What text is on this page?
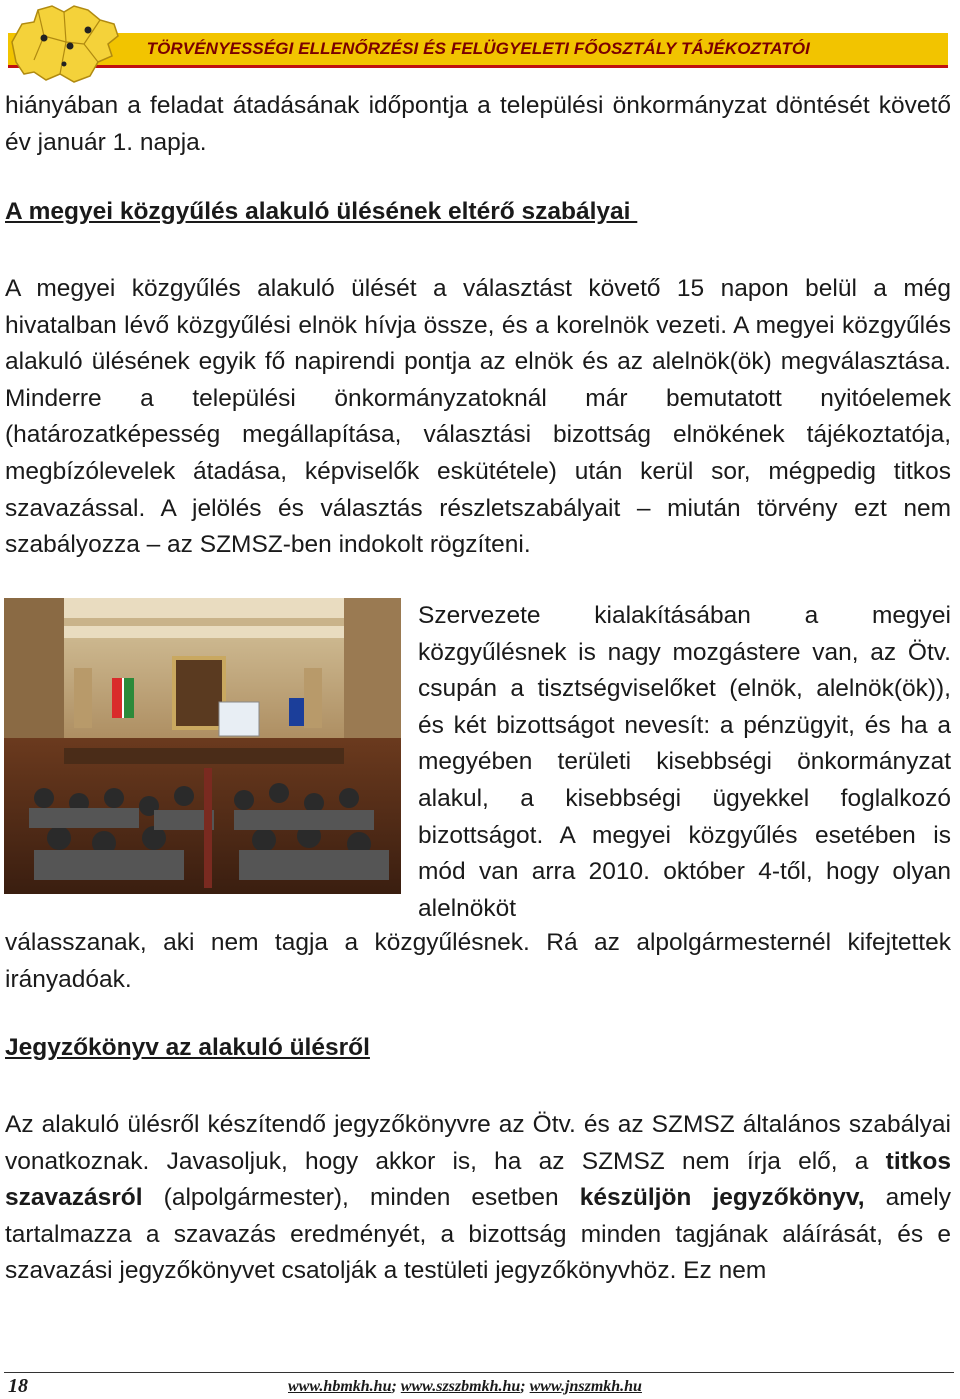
TÖRVÉNYESSÉGI ELLENŐRZÉSI ÉS FELÜGYELETI FŐOSZTÁLY TÁJÉKOZTATÓI

hiányában a feladat átadásának időpontja a települési önkormányzat döntését követő év január 1. napja.

A megyei közgyűlés alakuló ülésének eltérő szabályai

A megyei közgyűlés alakuló ülését a választást követő 15 napon belül a még hivatalban lévő közgyűlési elnök hívja össze, és a korelnök vezeti. A megyei közgyűlés alakuló ülésének egyik fő napirendi pontja az elnök és az alelnök(ök) megválasztása. Minderre a települési önkormányzatoknál már bemutatott nyitóelemek (határozatképesség megállapítása, választási bizottság elnökének tájékoztatója, megbízólevelek átadása, képviselők eskütétele) után kerül sor, mégpedig titkos szavazással. A jelölés és választás részletszabályait – miután törvény ezt nem szabályozza – az SZMSZ-ben indokolt rögzíteni.

Szervezete kialakításában a megyei közgyűlésnek is nagy mozgástere van, az Ötv. csupán a tisztségviselőket (elnök, alelnök(ök)), és két bizottságot nevesít: a pénzügyit, és ha a megyében területi kisebbségi önkormányzat alakul, a kisebbségi ügyekkel foglalkozó bizottságot. A megyei közgyűlés esetében is mód van arra 2010. október 4-től, hogy olyan alelnököt

válasszanak, aki nem tagja a közgyűlésnek. Rá az alpolgármesternél kifejtettek irányadóak.

Jegyzőkönyv az alakuló ülésről

Az alakuló ülésről készítendő jegyzőkönyvre az Ötv. és az SZMSZ általános szabályai vonatkoznak. Javasoljuk, hogy akkor is, ha az SZMSZ nem írja elő, a titkos szavazásról (alpolgármester), minden esetben készüljön jegyzőkönyv, amely tartalmazza a szavazás eredményét, a bizottság minden tagjának aláírását, és e szavazási jegyzőkönyvet csatolják a testületi jegyzőkönyvhöz. Ez nem

18	www.hbmkh.hu; www.szszbmkh.hu; www.jnszmkh.hu
